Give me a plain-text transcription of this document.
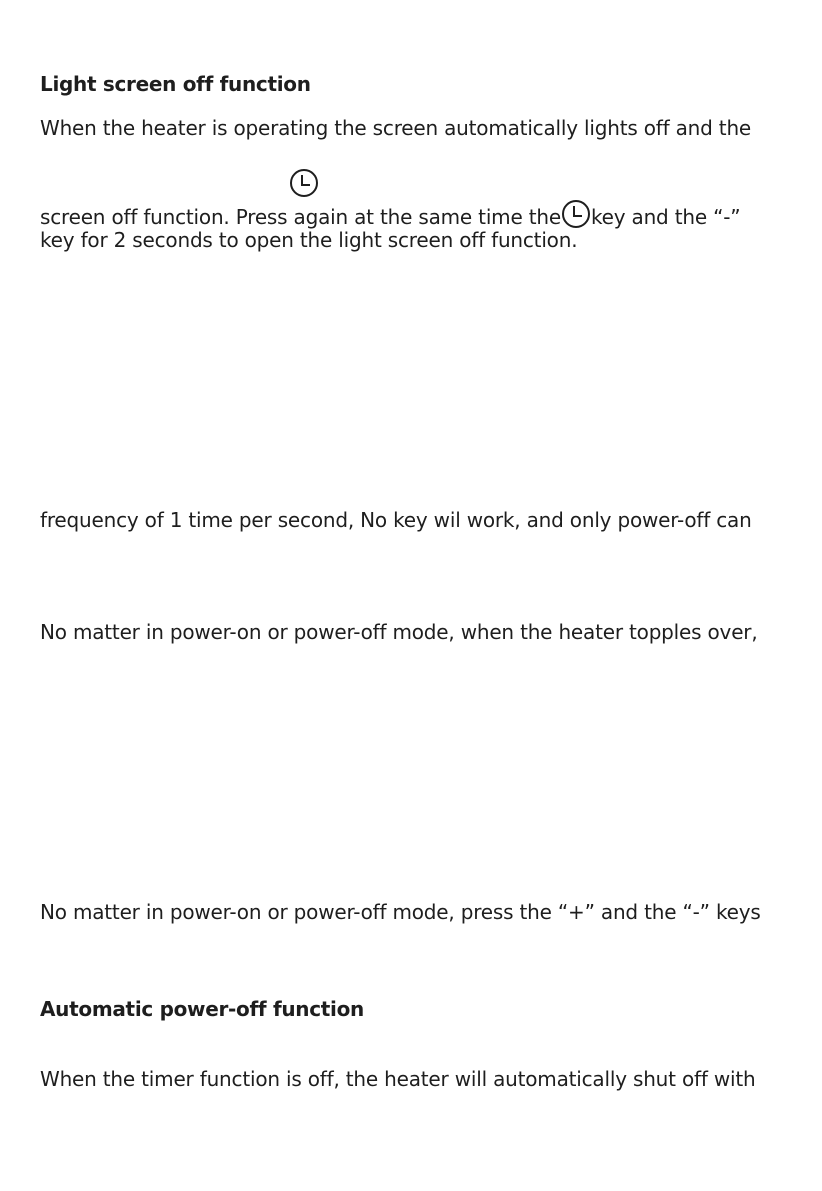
Light screen off function
When the heater is operating the screen automatically lights off and the
screen off function. Press again at the same time the key and the “-”
key for 2 seconds to open the light screen off function.
frequency of 1 time per second, No key wil work, and only power-off can
No matter in power-on or power-off mode, when the heater topples over,
No matter in power-on or power-off mode, press the “+” and the “-” keys
Automatic power-off function
When the timer function is off, the heater will automatically shut off with
